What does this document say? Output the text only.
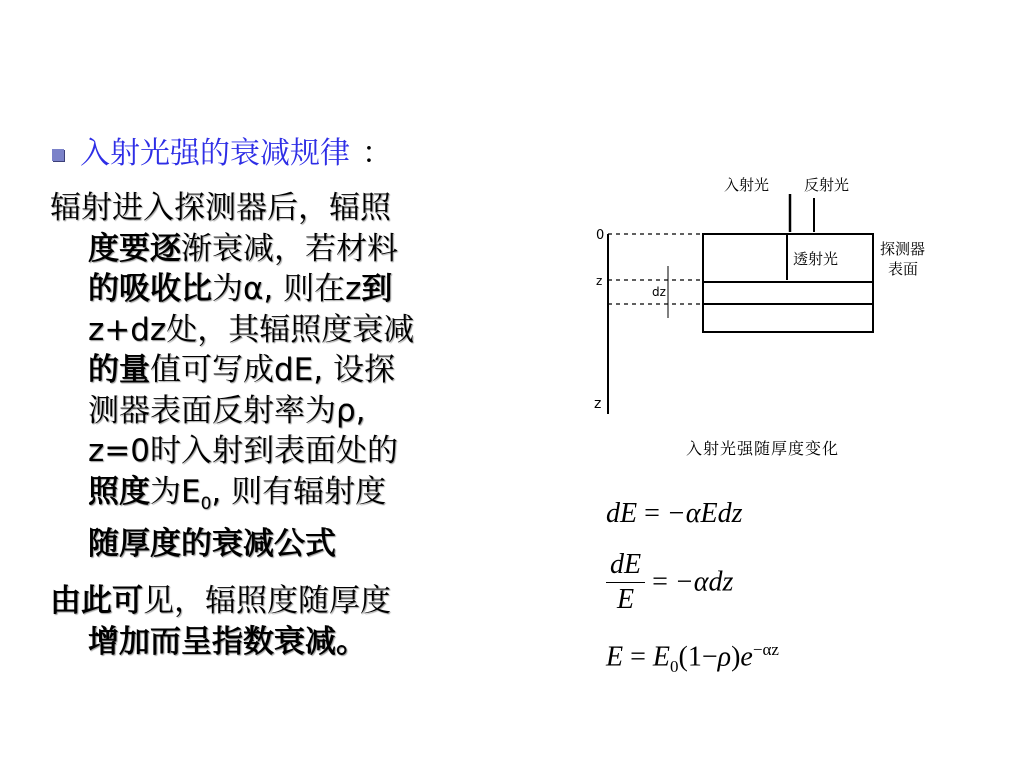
入射光强的衰减规律 ：
辐射进入探测器后，辐照
度要逐渐衰减，若材料
的吸收比为α, 则在z到
z+dz处，其辐照度衰减
的量值可写成dE, 设探
测器表面反射率为ρ,
z=0时入射到表面处的
照度为$E_0$, 则有辐射度
随厚度的衰减公式
由此可见，辐照度随厚度
增加而呈指数衰减。
入射光 反射光
透射光
探测器
表面
0
z
dz
z
入射光强随厚度变化
dE = −αEdz
$\frac{dE}{E} = -\alpha dz$
$E = E_0(1-\rho)e^{-\alpha z}$
